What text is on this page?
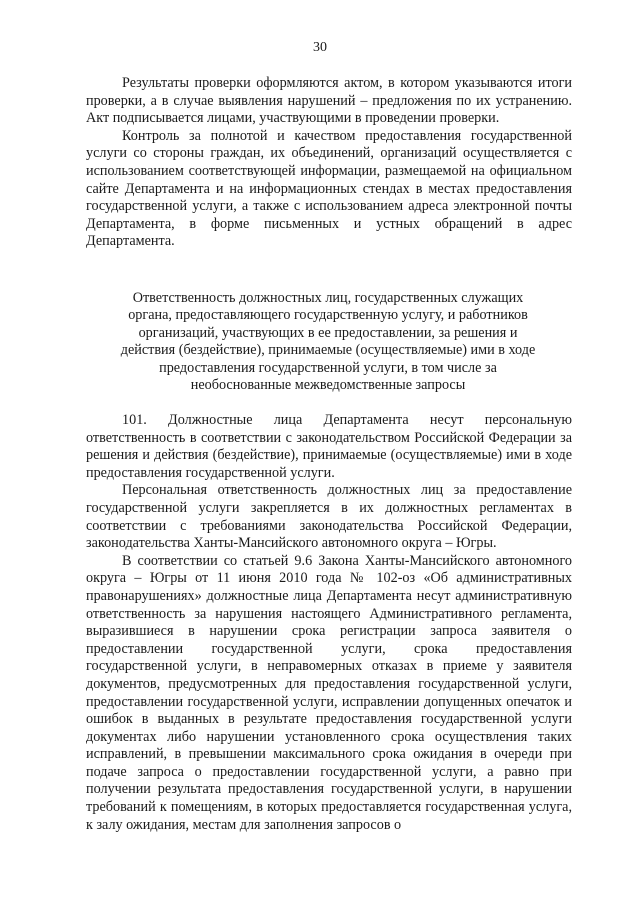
30

Результаты проверки оформляются актом, в котором указываются итоги проверки, а в случае выявления нарушений – предложения по их устранению. Акт подписывается лицами, участвующими в проведении проверки.

Контроль за полнотой и качеством предоставления государственной услуги со стороны граждан, их объединений, организаций осуществляется с использованием соответствующей информации, размещаемой на официальном сайте Департамента и на информационных стендах в местах предоставления государственной услуги, а также с использованием адреса электронной почты Департамента, в форме письменных и устных обращений в адрес Департамента.

Ответственность должностных лиц, государственных служащих органа, предоставляющего государственную услугу, и работников организаций, участвующих в ее предоставлении, за решения и действия (бездействие), принимаемые (осуществляемые) ими в ходе предоставления государственной услуги, в том числе за необоснованные межведомственные запросы

101. Должностные лица Департамента несут персональную ответственность в соответствии с законодательством Российской Федерации за решения и действия (бездействие), принимаемые (осуществляемые) ими в ходе предоставления государственной услуги.

Персональная ответственность должностных лиц за предоставление государственной услуги закрепляется в их должностных регламентах в соответствии с требованиями законодательства Российской Федерации, законодательства Ханты-Мансийского автономного округа – Югры.

В соответствии со статьей 9.6 Закона Ханты-Мансийского автономного округа – Югры от 11 июня 2010 года № 102-оз «Об административных правонарушениях» должностные лица Департамента несут административную ответственность за нарушения настоящего Административного регламента, выразившиеся в нарушении срока регистрации запроса заявителя о предоставлении государственной услуги, срока предоставления государственной услуги, в неправомерных отказах в приеме у заявителя документов, предусмотренных для предоставления государственной услуги, предоставлении государственной услуги, исправлении допущенных опечаток и ошибок в выданных в результате предоставления государственной услуги документах либо нарушении установленного срока осуществления таких исправлений, в превышении максимального срока ожидания в очереди при подаче запроса о предоставлении государственной услуги, а равно при получении результата предоставления государственной услуги, в нарушении требований к помещениям, в которых предоставляется государственная услуга, к залу ожидания, местам для заполнения запросов о
